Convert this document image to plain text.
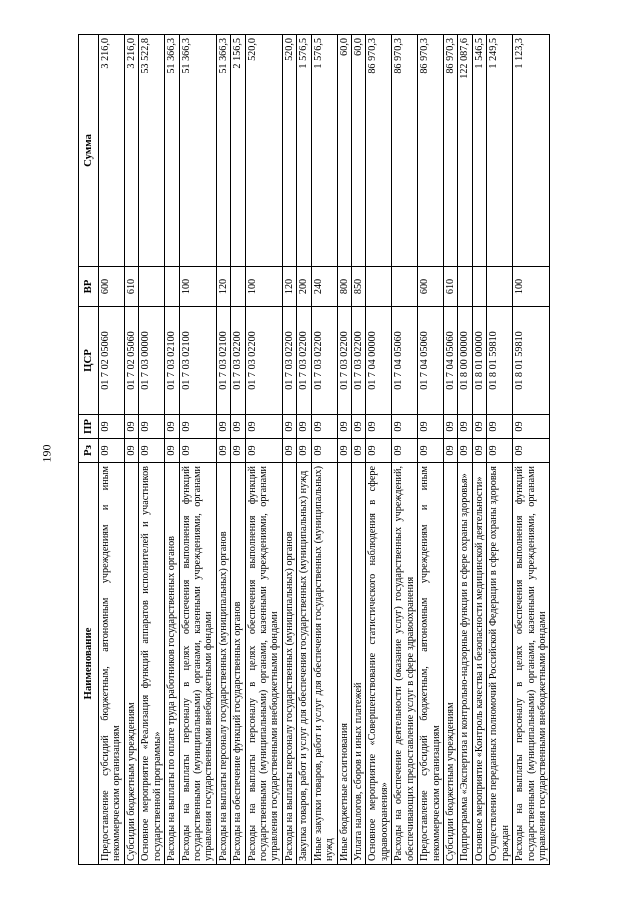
190
Наименование	Рз	ПР	ЦСР	ВР	Сумма
Предоставление субсидий бюджетным, автономным учреждениям и иным некоммерческим организациям	09	09	01 7 02 05060	600	3 216,0
Субсидии бюджетным учреждениям	09	09	01 7 02 05060	610	3 216,0
Основное мероприятие «Реализация функций аппаратов исполнителей и участников государственной программы»	09	09	01 7 03 00000		53 522,8
Расходы на выплаты по оплате труда работников государственных органов	09	09	01 7 03 02100		51 366,3
Расходы на выплаты персоналу в целях обеспечения выполнения функций государственными (муниципальными) органами, казенными учреждениями, органами управления государственными внебюджетными фондами	09	09	01 7 03 02100	100	51 366,3
Расходы на выплаты персоналу государственных (муниципальных) органов	09	09	01 7 03 02100	120	51 366,3
Расходы на обеспечение функций государственных органов	09	09	01 7 03 02200		2 156,5
Расходы на выплаты персоналу в целях обеспечения выполнения функций государственными (муниципальными) органами, казенными учреждениями, органами управления государственными внебюджетными фондами	09	09	01 7 03 02200	100	520,0
Расходы на выплаты персоналу государственных (муниципальных) органов	09	09	01 7 03 02200	120	520,0
Закупка товаров, работ и услуг для обеспечения государственных (муниципальных) нужд	09	09	01 7 03 02200	200	1 576,5
Иные закупки товаров, работ и услуг для обеспечения государственных (муниципальных) нужд	09	09	01 7 03 02200	240	1 576,5
Иные бюджетные ассигнования	09	09	01 7 03 02200	800	60,0
Уплата налогов, сборов и иных платежей	09	09	01 7 03 02200	850	60,0
Основное мероприятие «Совершенствование статистического наблюдения в сфере здравоохранения»	09	09	01 7 04 00000		86 970,3
Расходы на обеспечение деятельности (оказание услуг) государственных учреждений, обеспечивающих предоставление услуг в сфере здравоохранения	09	09	01 7 04 05060		86 970,3
Предоставление субсидий бюджетным, автономным учреждениям и иным некоммерческим организациям	09	09	01 7 04 05060	600	86 970,3
Субсидии бюджетным учреждениям	09	09	01 7 04 05060	610	86 970,3
Подпрограмма «Экспертиза и контрольно-надзорные функции в сфере охраны здоровья»	09	09	01 8 00 00000		122 087,6
Основное мероприятие «Контроль качества и безопасности медицинской деятельности»	09	09	01 8 01 00000		1 546,5
Осуществление переданных полномочий Российской Федерации в сфере охраны здоровья граждан	09	09	01 8 01 59810		1 249,5
Расходы на выплаты персоналу в целях обеспечения выполнения функций государственными (муниципальными) органами, казенными учреждениями, органами управления государственными внебюджетными фондами	09	09	01 8 01 59810	100	1 123,3
